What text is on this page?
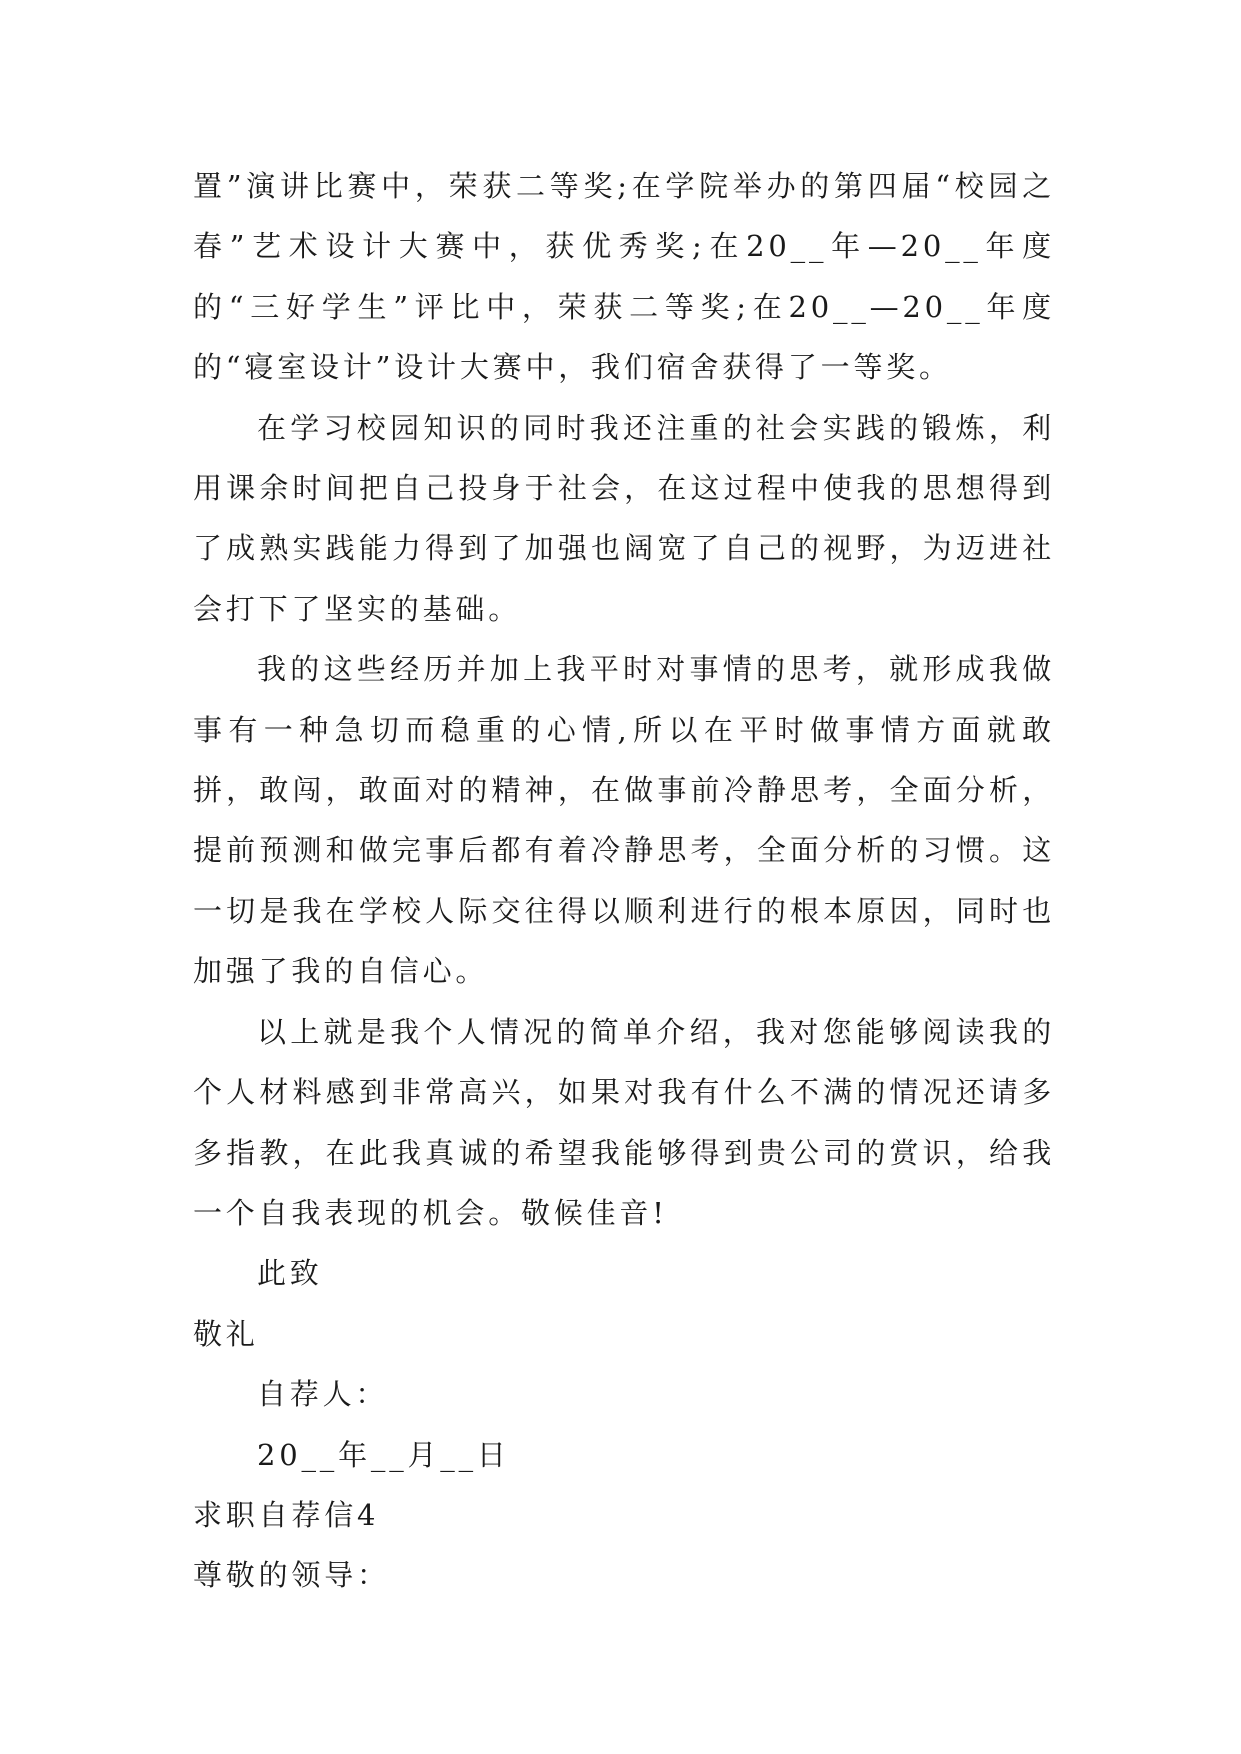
置”演讲比赛中，荣获二等奖;在学院举办的第四届“校园之春”艺术设计大赛中，获优秀奖;在20__年—20__年度的“三好学生”评比中，荣获二等奖;在20__—20__年度的“寝室设计”设计大赛中，我们宿舍获得了一等奖。

在学习校园知识的同时我还注重的社会实践的锻炼，利用课余时间把自己投身于社会，在这过程中使我的思想得到了成熟实践能力得到了加强也阔宽了自己的视野，为迈进社会打下了坚实的基础。

我的这些经历并加上我平时对事情的思考，就形成我做事有一种急切而稳重的心情,所以在平时做事情方面就敢拼，敢闯，敢面对的精神，在做事前冷静思考，全面分析，提前预测和做完事后都有着冷静思考，全面分析的习惯。这一切是我在学校人际交往得以顺利进行的根本原因，同时也加强了我的自信心。

以上就是我个人情况的简单介绍，我对您能够阅读我的个人材料感到非常高兴，如果对我有什么不满的情况还请多多指教，在此我真诚的希望我能够得到贵公司的赏识，给我一个自我表现的机会。敬候佳音!

此致
敬礼
自荐人：
20__年__月__日
求职自荐信4
尊敬的领导：
